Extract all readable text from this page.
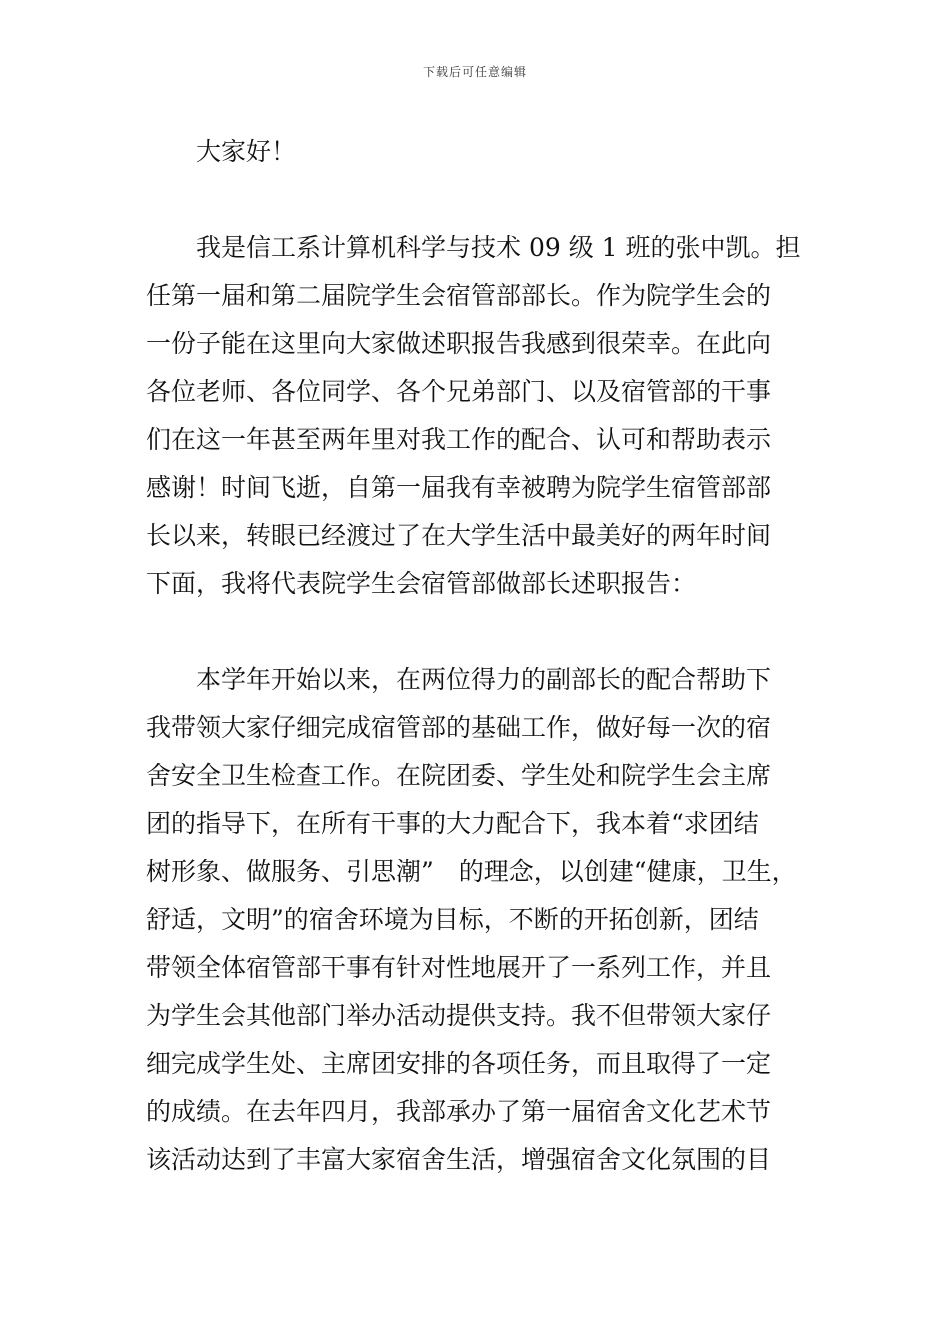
下载后可任意编辑
大家好！
我是信工系计算机科学与技术 09 级 1 班的张中凯。担
任第一届和第二届院学生会宿管部部长。作为院学生会的
一份子能在这里向大家做述职报告我感到很荣幸。在此向
各位老师、各位同学、各个兄弟部门、以及宿管部的干事
们在这一年甚至两年里对我工作的配合、认可和帮助表示
感谢！时间飞逝，自第一届我有幸被聘为院学生宿管部部
长以来，转眼已经渡过了在大学生活中最美好的两年时间
下面，我将代表院学生会宿管部做部长述职报告：
本学年开始以来，在两位得力的副部长的配合帮助下
我带领大家仔细完成宿管部的基础工作，做好每一次的宿
舍安全卫生检查工作。在院团委、学生处和院学生会主席
团的指导下，在所有干事的大力配合下，我本着“求团结
树形象、做服务、引思潮”　的理念，以创建“健康，卫生，
舒适，文明”的宿舍环境为目标，不断的开拓创新，团结
带领全体宿管部干事有针对性地展开了一系列工作，并且
为学生会其他部门举办活动提供支持。我不但带领大家仔
细完成学生处、主席团安排的各项任务，而且取得了一定
的成绩。在去年四月，我部承办了第一届宿舍文化艺术节
该活动达到了丰富大家宿舍生活，增强宿舍文化氛围的目
